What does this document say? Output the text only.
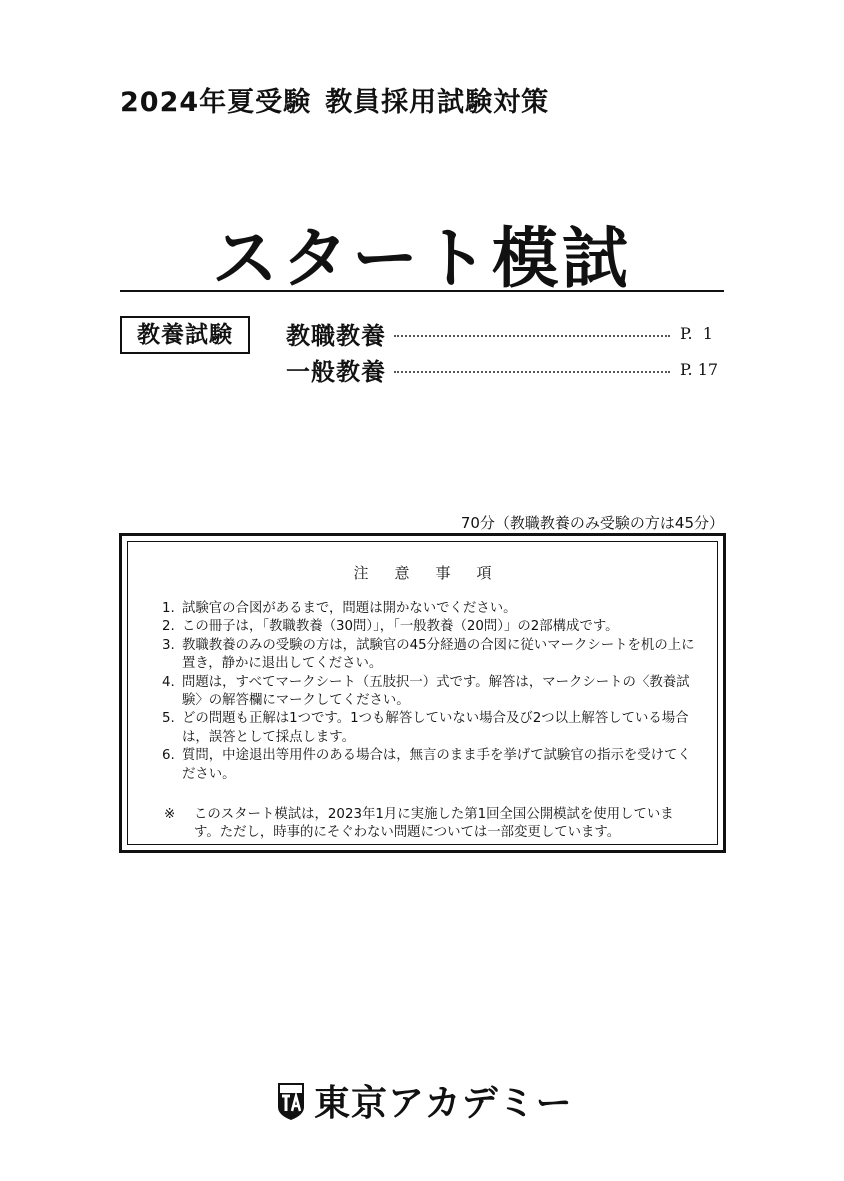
2024年夏受験 教員採用試験対策
スタート模試
教養試験	教職教養	P.  1
一般教養	P. 17
70分（教職教養のみ受験の方は45分）
注意事項
1. 試験官の合図があるまで，問題は開かないでください。
2. この冊子は，「教職教養（30問）」，「一般教養（20問）」の2部構成です。
3. 教職教養のみの受験の方は，試験官の45分経過の合図に従いマークシートを机の上に置き，静かに退出してください。
4. 問題は，すべてマークシート（五肢択一）式です。解答は，マークシートの〈教養試験〉の解答欄にマークしてください。
5. どの問題も正解は1つです。1つも解答していない場合及び2つ以上解答している場合は，誤答として採点します。
6. 質問，中途退出等用件のある場合は，無言のまま手を挙げて試験官の指示を受けてください。
※	このスタート模試は，2023年1月に実施した第1回全国公開模試を使用しています。ただし，時事的にそぐわない問題については一部変更しています。
東京アカデミー
